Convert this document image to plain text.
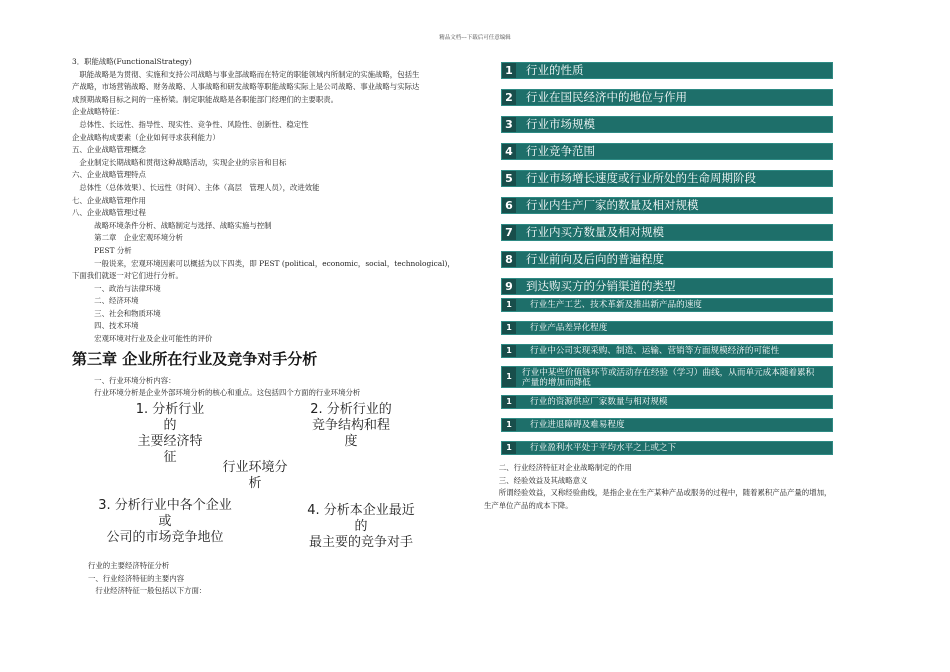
精品文档---下载后可任意编辑
3．职能战略(FunctionalStrategy)
　职能战略是为贯彻、实施和支持公司战略与事业部战略而在特定的职能领域内所制定的实施战略，包括生
产战略，市场营销战略、财务战略、人事战略和研发战略等职能战略实际上是公司战略、事业战略与实际达
成预期战略目标之间的一座桥梁。制定职能战略是各职能部门经理们的主要职责。
企业战略特征：
　总体性、长远性、指导性、现实性、竞争性、风险性、创新性、稳定性
企业战略构成要素（企业如何寻求获利能力）
五、企业战略管理概念
　企业制定长期战略和贯彻这种战略活动，实现企业的宗旨和目标
六、企业战略管理特点
　总体性（总体效果）、长远性（时间）、主体（高层　管理人员），改进效能
七、企业战略管理作用
八、企业战略管理过程
　　　战略环境条件分析、战略制定与选择、战略实施与控制
　　　第二章　企业宏观环境分析
　　　PEST 分析
　　　一般说来，宏观环境因素可以概括为以下四类，即 PEST (political，economic，social，technological)，
下面我们就逐一对它们进行分析。
　　　一、政治与法律环境
　　　二、经济环境
　　　三、社会和物质环境
　　　四、技术环境
　　　宏观环境对行业及企业可能性的评价
第三章 企业所在行业及竞争对手分析
　　　一、行业环境分析内容：
　　　行业环境分析是企业外部环境分析的核心和重点。这包括四个方面的行业环境分析
1. 分析行业
的
主要经济特
征
2. 分析行业的
竞争结构和程
度
行业环境分
析
3. 分析行业中各个企业
或
公司的市场竞争地位
4. 分析本企业最近
的
最主要的竞争对手
行业的主要经济特征分析
一、行业经济特征的主要内容
　行业经济特征一般包括以下方面：
1 行业的性质
2 行业在国民经济中的地位与作用
3 行业市场规模
4 行业竞争范围
5 行业市场增长速度或行业所处的生命周期阶段
6 行业内生产厂家的数量及相对规模
7 行业内买方数量及相对规模
8 行业前向及后向的普遍程度
9 到达购买方的分销渠道的类型
1	行业生产工艺、技术革新及推出新产品的速度
1	行业产品差异化程度
1	行业中公司实现采购、制造、运输、营销等方面规模经济的可能性
1	行业中某些价值链环节或活动存在经验（学习）曲线，从而单元成本随着累积产量的增加而降低
1	行业的资源供应厂家数量与相对规模
1	行业进退障碍及难易程度
1	行业盈利水平处于平均水平之上或之下
　　二、行业经济特征对企业战略制定的作用
　　三、经验效益及其战略意义
　　所谓经验效益，又称经验曲线，是指企业在生产某种产品或服务的过程中，随着累积产品产量的增加，
生产单位产品的成本下降。
